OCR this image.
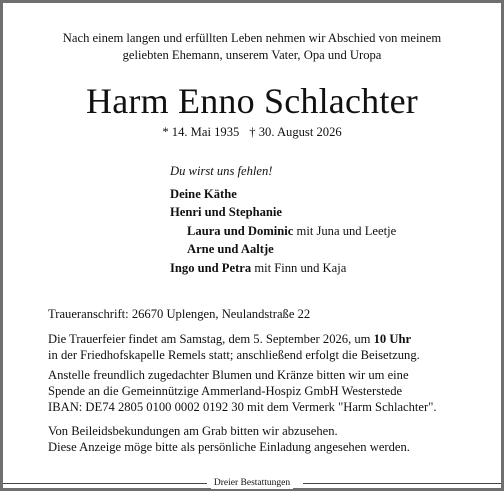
Nach einem langen und erfüllten Leben nehmen wir Abschied von meinem
geliebten Ehemann, unserem Vater, Opa und Uropa
Harm Enno Schlachter
* 14. Mai 1935 † 30. August 2026
Du wirst uns fehlen!
Deine Käthe
Henri und Stephanie
Laura und Dominic mit Juna und Leetje
Arne und Aaltje
Ingo und Petra mit Finn und Kaja
Traueranschrift: 26670 Uplengen, Neulandstraße 22
Die Trauerfeier findet am Samstag, dem 5. September 2026, um 10 Uhr
in der Friedhofskapelle Remels statt; anschließend erfolgt die Beisetzung.
Anstelle freundlich zugedachter Blumen und Kränze bitten wir um eine
Spende an die Gemeinnützige Ammerland-Hospiz GmbH Westerstede
IBAN: DE74 2805 0100 0002 0192 30 mit dem Vermerk "Harm Schlachter".
Von Beileidsbekundungen am Grab bitten wir abzusehen.
Diese Anzeige möge bitte als persönliche Einladung angesehen werden.
Dreier Bestattungen
